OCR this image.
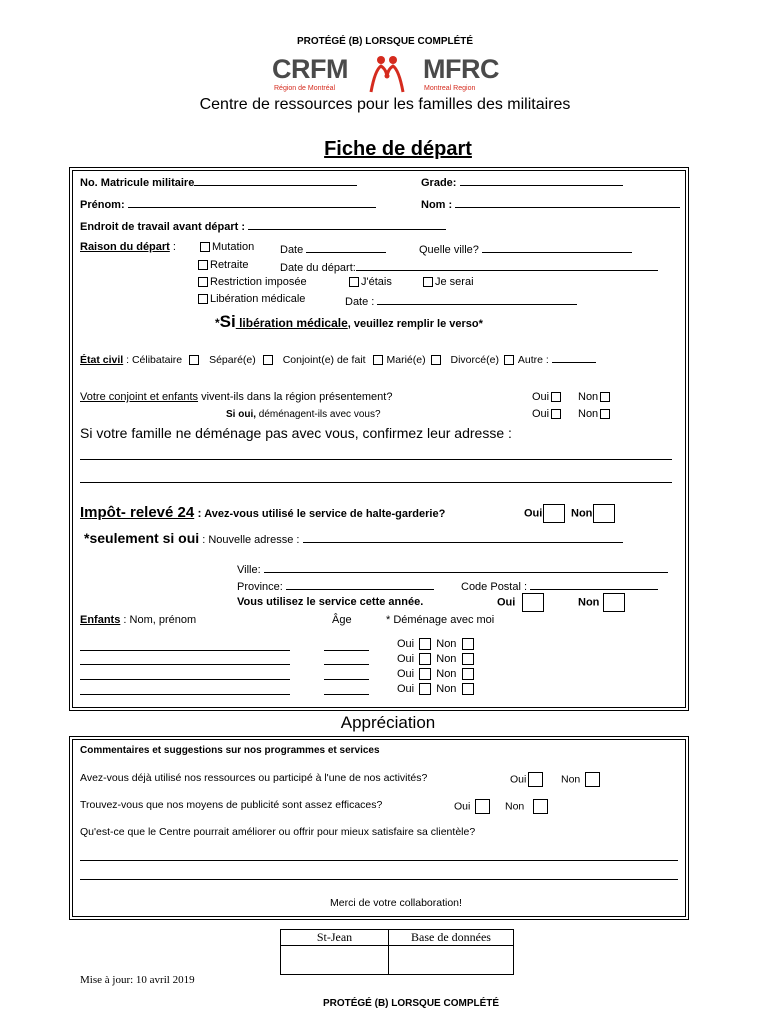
PROTÉGÉ (B) LORSQUE COMPLÉTÉ
CRFM
Région de Montréal
MFRC
Montreal Region
Centre de ressources pour les familles des militaires
Fiche de départ
No. Matricule militaire	Grade:
Prénom:	Nom :
Endroit de travail avant départ :
Raison du départ :	Mutation Date	Quelle ville?
Retraite	Date du départ:
Restriction imposée	J'étais	Je serai
Libération médicale	Date :
*Si libération médicale, veuillez remplir le verso*
État civil : Célibataire	Séparé(e)	Conjoint(e) de fait Marié(e) Divorcé(e) Autre :
Votre conjoint et enfants vivent-ils dans la région présentement?	Oui	Non
Si oui, déménagent-ils avec vous?	Oui	Non
Si votre famille ne déménage pas avec vous, confirmez leur adresse :
Impôt- relevé 24 : Avez-vous utilisé le service de halte-garderie?	Oui	Non
*seulement si oui : Nouvelle adresse :
Ville:
Province:	Code Postal :
Vous utilisez le service cette année.	Oui	Non
Enfants : Nom, prénom	Âge	* Déménage avec moi
Oui Non
Oui Non
Oui Non
Oui Non
Appréciation
Commentaires et suggestions sur nos programmes et services
Avez-vous déjà utilisé nos ressources ou participé à l'une de nos activités?	Oui	Non
Trouvez-vous que nos moyens de publicité sont assez efficaces?	Oui	Non
Qu'est-ce que le Centre pourrait améliorer ou offrir pour mieux satisfaire sa clientèle?
Merci de votre collaboration!
St-Jean	Base de données

Mise à jour: 10 avril 2019
PROTÉGÉ (B) LORSQUE COMPLÉTÉ
